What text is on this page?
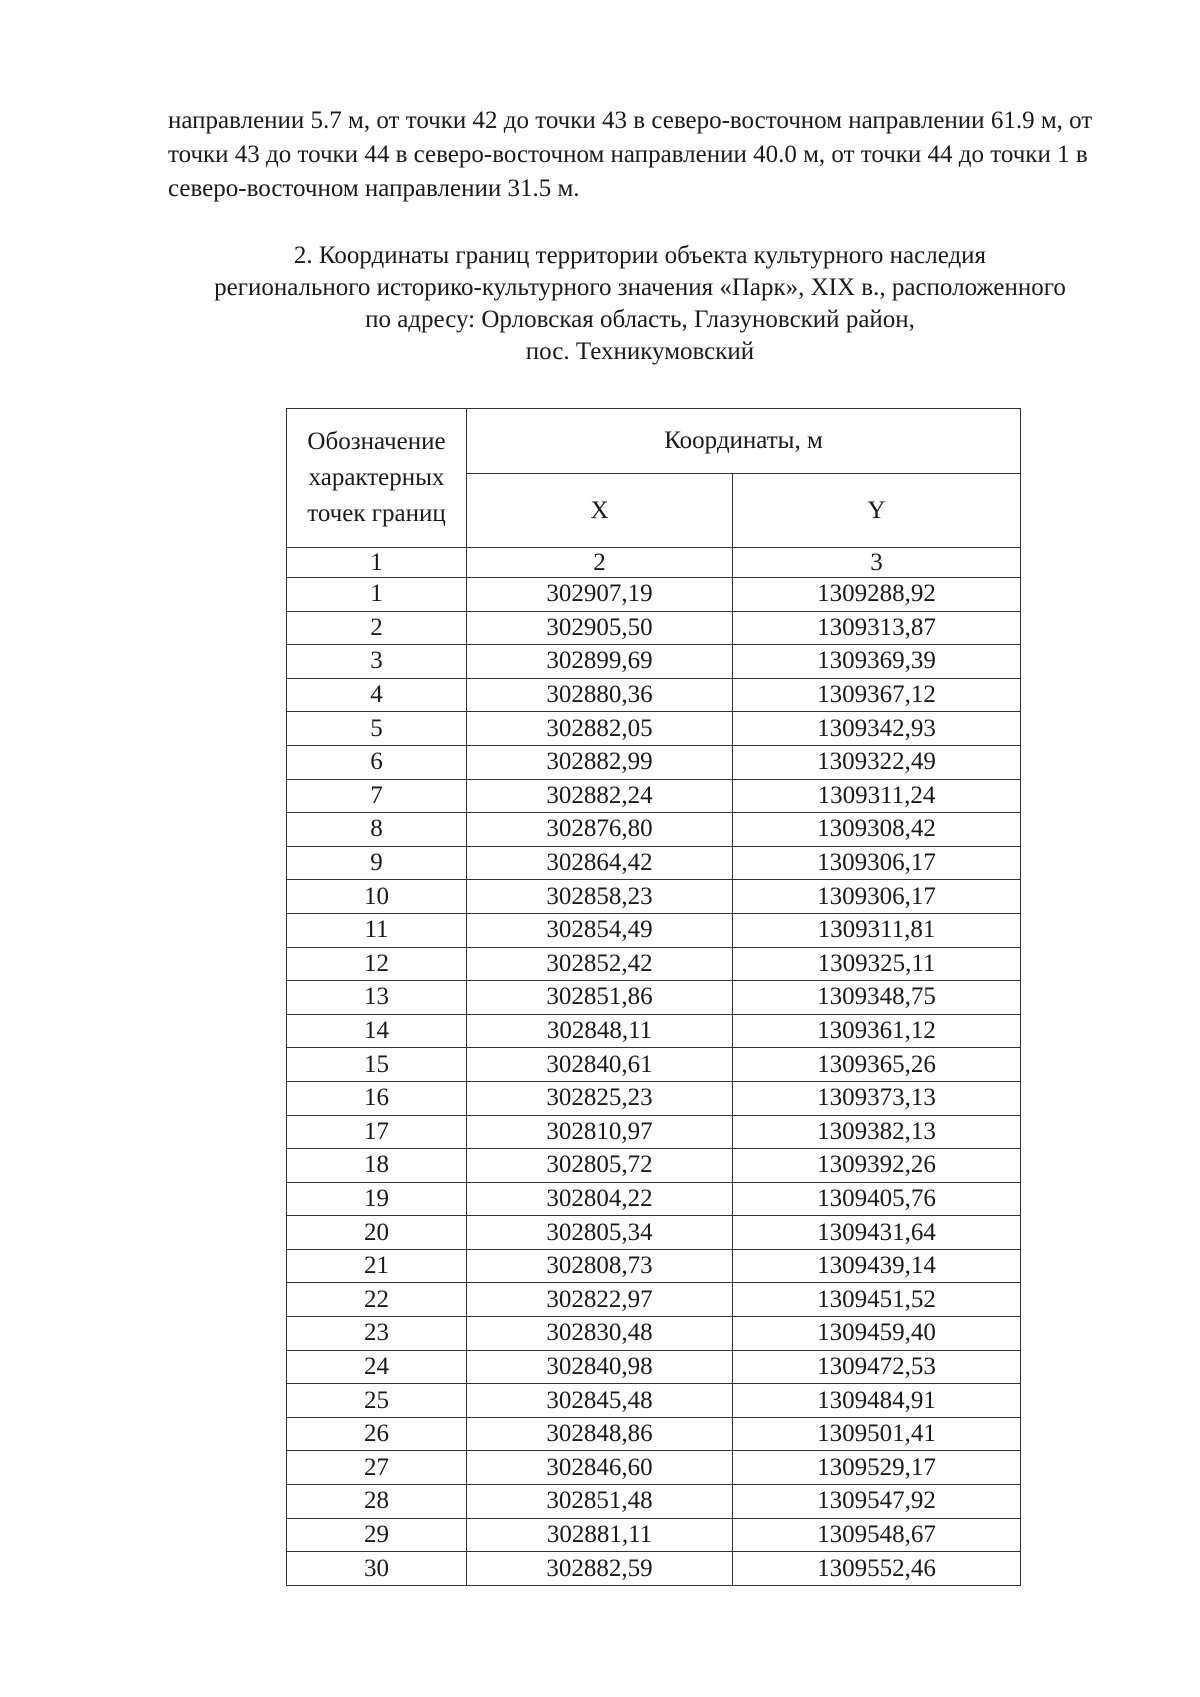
направлении 5.7 м, от точки 42 до точки 43 в северо-восточном направлении 61.9 м, от точки 43 до точки 44 в северо-восточном направлении 40.0 м, от точки 44 до точки 1 в северо-восточном направлении 31.5 м.

2. Координаты границ территории объекта культурного наследия
регионального историко-культурного значения «Парк», XIX в., расположенного
по адресу: Орловская область, Глазуновский район,
пос. Техникумовский
Обозначение характерных точек границ	Координаты, м	
	X	Y
1	2	3
1	302907,19	1309288,92
2	302905,50	1309313,87
3	302899,69	1309369,39
4	302880,36	1309367,12
5	302882,05	1309342,93
6	302882,99	1309322,49
7	302882,24	1309311,24
8	302876,80	1309308,42
9	302864,42	1309306,17
10	302858,23	1309306,17
11	302854,49	1309311,81
12	302852,42	1309325,11
13	302851,86	1309348,75
14	302848,11	1309361,12
15	302840,61	1309365,26
16	302825,23	1309373,13
17	302810,97	1309382,13
18	302805,72	1309392,26
19	302804,22	1309405,76
20	302805,34	1309431,64
21	302808,73	1309439,14
22	302822,97	1309451,52
23	302830,48	1309459,40
24	302840,98	1309472,53
25	302845,48	1309484,91
26	302848,86	1309501,41
27	302846,60	1309529,17
28	302851,48	1309547,92
29	302881,11	1309548,67
30	302882,59	1309552,46
